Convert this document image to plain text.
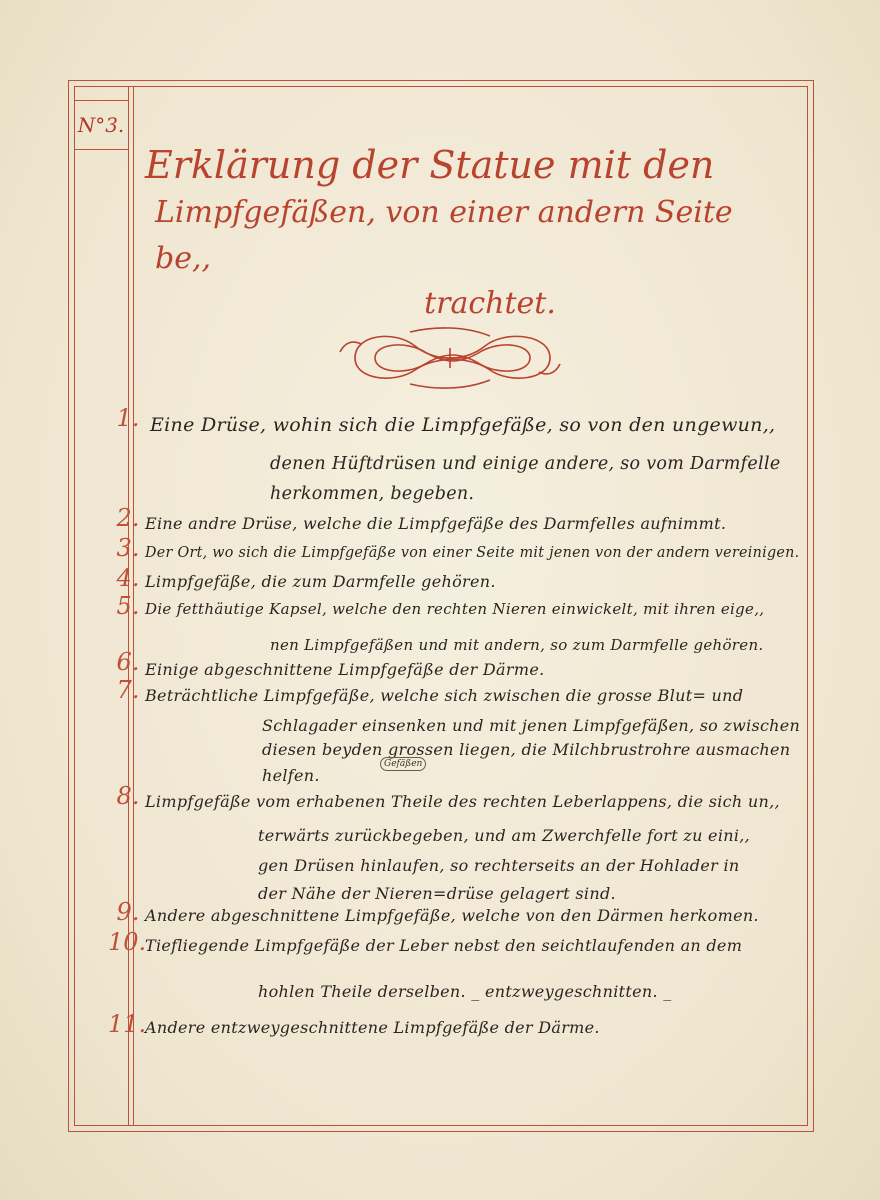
N°3.
Erklärung der Statue mit den
Limpfgefäßen, von einer andern Seite be,,
trachtet.
1. Eine Drüse, wohin sich die Limpfgefäße, so von den ungewun,,
denen Hüftdrüsen und einige andere, so vom Darmfelle
herkommen, begeben.
2. Eine andre Drüse, welche die Limpfgefäße des Darmfelles aufnimmt.
3. Der Ort, wo sich die Limpfgefäße von einer Seite mit jenen von der andern vereinigen.
4. Limpfgefäße, die zum Darmfelle gehören.
5. Die fetthäutige Kapsel, welche den rechten Nieren einwickelt, mit ihren eige,,
nen Limpfgefäßen und mit andern, so zum Darmfelle gehören.
6. Einige abgeschnittene Limpfgefäße der Därme.
7. Beträchtliche Limpfgefäße, welche sich zwischen die grosse Blut= und
Schlagader einsenken und mit jenen Limpfgefäßen, so zwischen
diesen beyden grossen liegen, die Milchbrustrohre ausmachen
helfen.
Gefäßen
8. Limpfgefäße vom erhabenen Theile des rechten Leberlappens, die sich un,,
terwärts zurückbegeben, und am Zwerchfelle fort zu eini,,
gen Drüsen hinlaufen, so rechterseits an der Hohlader in
der Nähe der Nieren=drüse gelagert sind.
9. Andere abgeschnittene Limpfgefäße, welche von den Därmen herkomen.
10.
Tiefliegende Limpfgefäße der Leber nebst den seichtlaufenden an dem
hohlen Theile derselben. _ entzweygeschnitten. _
11.
Andere entzweygeschnittene Limpfgefäße der Därme.
